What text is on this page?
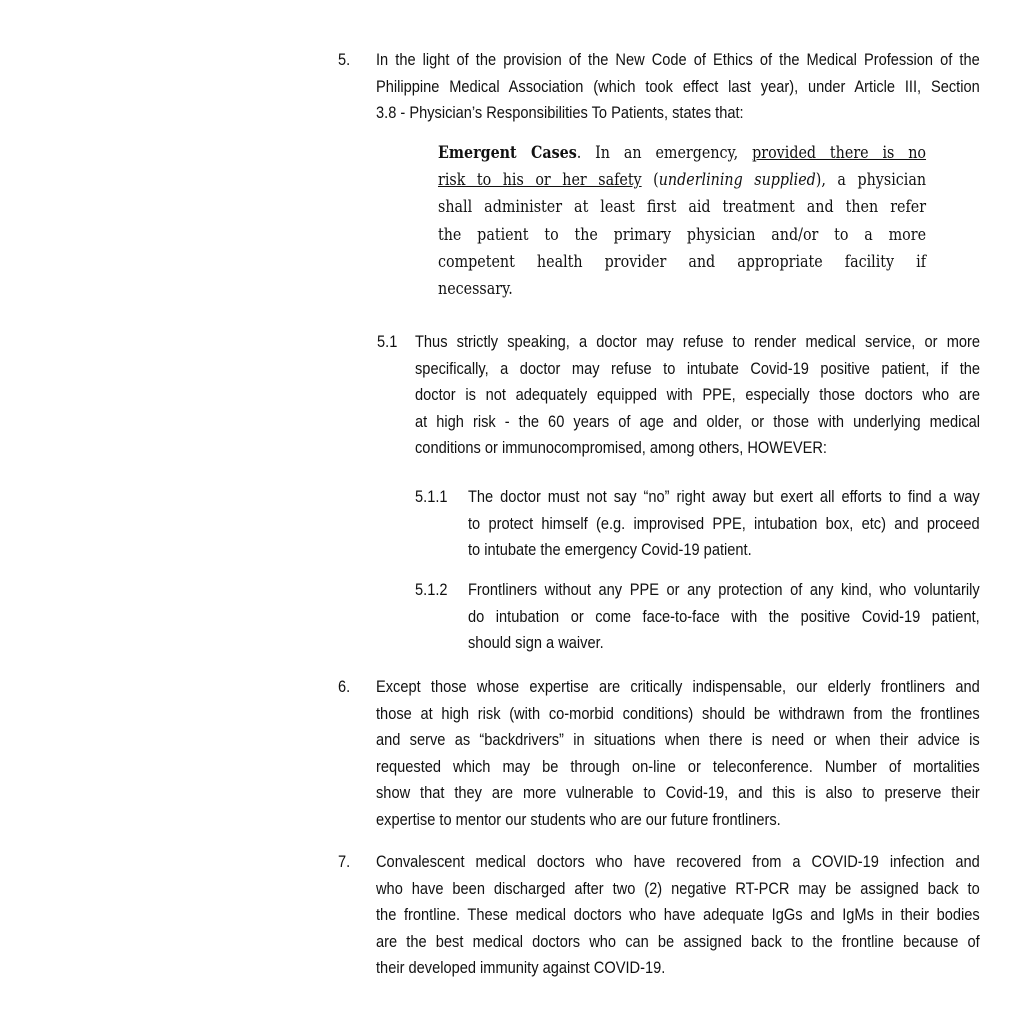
5. In the light of the provision of the New Code of Ethics of the Medical Profession of the
Philippine Medical Association (which took effect last year), under Article III, Section
3.8 - Physician’s Responsibilities To Patients, states that:
Emergent Cases. In an emergency, provided there is no
risk to his or her safety (underlining supplied), a physician
shall administer at least first aid treatment and then refer
the patient to the primary physician and/or to a more
competent health provider and appropriate facility if
necessary.
5.1 Thus strictly speaking, a doctor may refuse to render medical service, or more
specifically, a doctor may refuse to intubate Covid-19 positive patient, if the
doctor is not adequately equipped with PPE, especially those doctors who are
at high risk - the 60 years of age and older, or those with underlying medical
conditions or immunocompromised, among others, HOWEVER:
5.1.1 The doctor must not say “no” right away but exert all efforts to find a way
to protect himself (e.g. improvised PPE, intubation box, etc) and proceed
to intubate the emergency Covid-19 patient.
5.1.2 Frontliners without any PPE or any protection of any kind, who voluntarily
do intubation or come face-to-face with the positive Covid-19 patient,
should sign a waiver.
6. Except those whose expertise are critically indispensable, our elderly frontliners and
those at high risk (with co-morbid conditions) should be withdrawn from the frontlines
and serve as “backdrivers” in situations when there is need or when their advice is
requested which may be through on-line or teleconference. Number of mortalities
show that they are more vulnerable to Covid-19, and this is also to preserve their
expertise to mentor our students who are our future frontliners.
7. Convalescent medical doctors who have recovered from a COVID-19 infection and
who have been discharged after two (2) negative RT-PCR may be assigned back to
the frontline. These medical doctors who have adequate IgGs and IgMs in their bodies
are the best medical doctors who can be assigned back to the frontline because of
their developed immunity against COVID-19.
